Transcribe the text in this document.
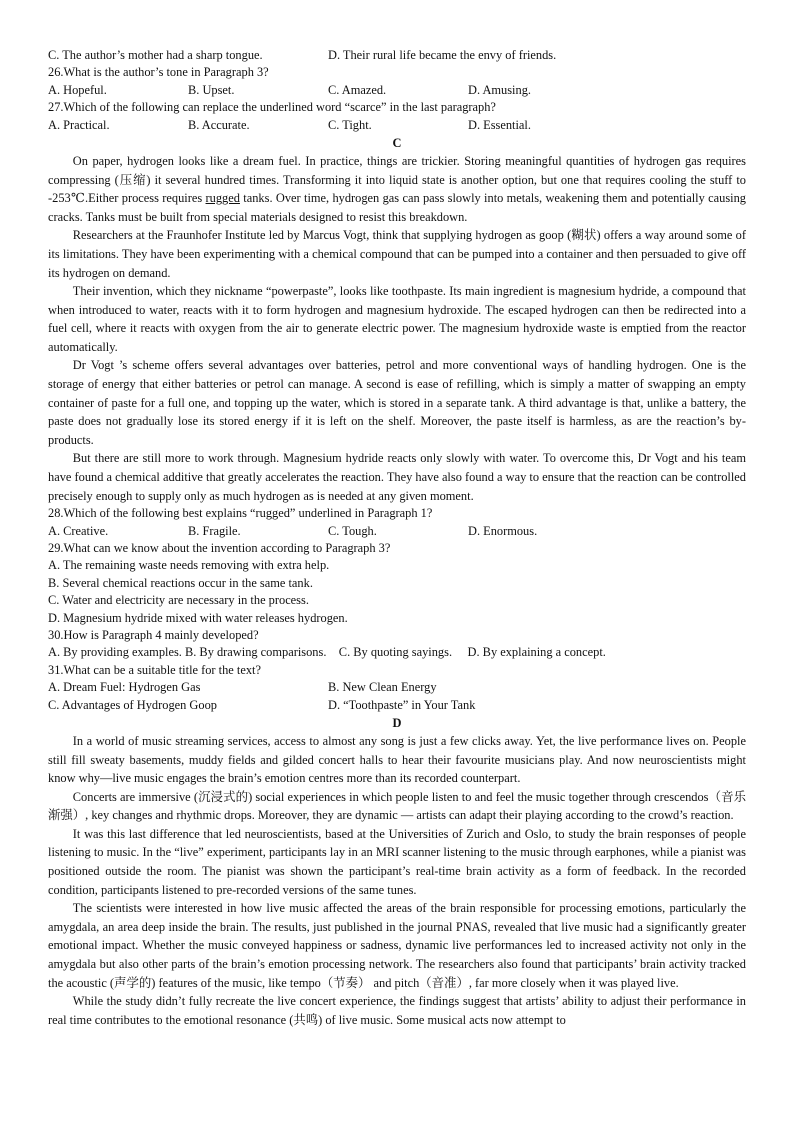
C. The author’s mother had a sharp tongue.	D. Their rural life became the envy of friends.
26.What is the author’s tone in Paragraph 3?
A. Hopeful.	B. Upset.	C. Amazed.	D. Amusing.
27.Which of the following can replace the underlined word “scarce” in the last paragraph?
A. Practical.	B. Accurate.	C. Tight.	D. Essential.
C

On paper, hydrogen looks like a dream fuel. In practice, things are trickier. Storing meaningful quantities of hydrogen gas requires compressing (压缩) it several hundred times. Transforming it into liquid state is another option, but one that requires cooling the stuff to -253℃.Either process requires rugged tanks. Over time, hydrogen gas can pass slowly into metals, weakening them and potentially causing cracks. Tanks must be built from special materials designed to resist this breakdown.

Researchers at the Fraunhofer Institute led by Marcus Vogt, think that supplying hydrogen as goop (糊状) offers a way around some of its limitations. They have been experimenting with a chemical compound that can be pumped into a container and then persuaded to give off its hydrogen on demand.

Their invention, which they nickname “powerpaste”, looks like toothpaste. Its main ingredient is magnesium hydride, a compound that when introduced to water, reacts with it to form hydrogen and magnesium hydroxide. The escaped hydrogen can then be redirected into a fuel cell, where it reacts with oxygen from the air to generate electric power. The magnesium hydroxide waste is emptied from the reactor automatically.

Dr Vogt ’s scheme offers several advantages over batteries, petrol and more conventional ways of handling hydrogen. One is the storage of energy that either batteries or petrol can manage. A second is ease of refilling, which is simply a matter of swapping an empty container of paste for a full one, and topping up the water, which is stored in a separate tank. A third advantage is that, unlike a battery, the paste does not gradually lose its stored energy if it is left on the shelf. Moreover, the paste itself is harmless, as are the reaction’s by-products.

But there are still more to work through. Magnesium hydride reacts only slowly with water. To overcome this, Dr Vogt and his team have found a chemical additive that greatly accelerates the reaction. They have also found a way to ensure that the reaction can be controlled precisely enough to supply only as much hydrogen as is needed at any given moment.

28.Which of the following best explains “rugged” underlined in Paragraph 1?
A. Creative.	B. Fragile.	C. Tough.	D. Enormous.
29.What can we know about the invention according to Paragraph 3?
A. The remaining waste needs removing with extra help.
B. Several chemical reactions occur in the same tank.
C. Water and electricity are necessary in the process.
D. Magnesium hydride mixed with water releases hydrogen.
30.How is Paragraph 4 mainly developed?
A. By providing examples. B. By drawing comparisons.    C. By quoting sayings.     D. By explaining a concept.
31.What can be a suitable title for the text?
A. Dream Fuel: Hydrogen Gas	B. New Clean Energy
C. Advantages of Hydrogen Goop	D. “Toothpaste” in Your Tank
D

In a world of music streaming services, access to almost any song is just a few clicks away. Yet, the live performance lives on. People still fill sweaty basements, muddy fields and gilded concert halls to hear their favourite musicians play. And now neuroscientists might know why—live music engages the brain’s emotion centres more than its recorded counterpart.

Concerts are immersive (沉浸式的) social experiences in which people listen to and feel the music together through crescendos（音乐渐强）, key changes and rhythmic drops. Moreover, they are dynamic — artists can adapt their playing according to the crowd’s reaction.

It was this last difference that led neuroscientists, based at the Universities of Zurich and Oslo, to study the brain responses of people listening to music. In the “live” experiment, participants lay in an MRI scanner listening to the music through earphones, while a pianist was positioned outside the room. The pianist was shown the participant’s real-time brain activity as a form of feedback. In the recorded condition, participants listened to pre-recorded versions of the same tunes.

The scientists were interested in how live music affected the areas of the brain responsible for processing emotions, particularly the amygdala, an area deep inside the brain. The results, just published in the journal PNAS, revealed that live music had a significantly greater emotional impact. Whether the music conveyed happiness or sadness, dynamic live performances led to increased activity not only in the amygdala but also other parts of the brain’s emotion processing network. The researchers also found that participants’ brain activity tracked the acoustic (声学的) features of the music, like tempo（节奏） and pitch（音准）, far more closely when it was played live.

While the study didn’t fully recreate the live concert experience, the findings suggest that artists’ ability to adjust their performance in real time contributes to the emotional resonance (共鸣) of live music. Some musical acts now attempt to
